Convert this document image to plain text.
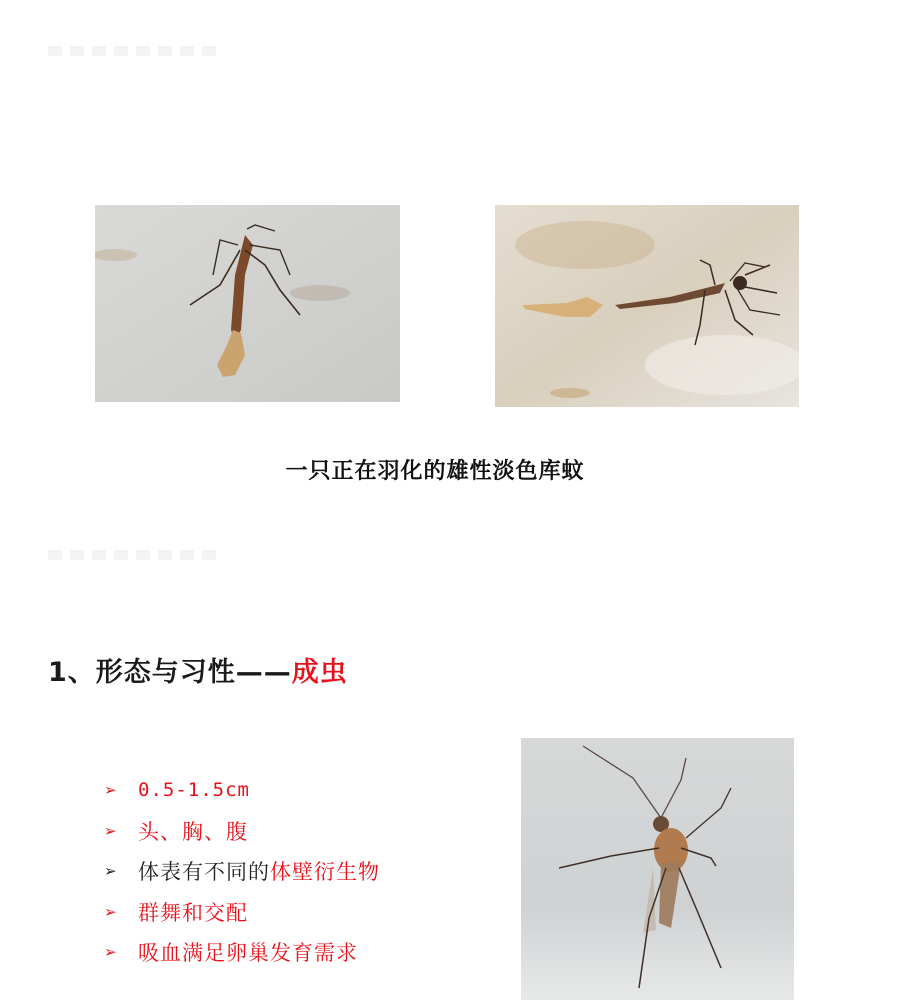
一只正在羽化的雄性淡色库蚊
1、形态与习性——成虫
➢ 0.5-1.5cm
➢ 头、胸、腹
➢ 体表有不同的 体壁衍生物
➢ 群舞和交配
➢ 吸血满足卵巢发育需求
